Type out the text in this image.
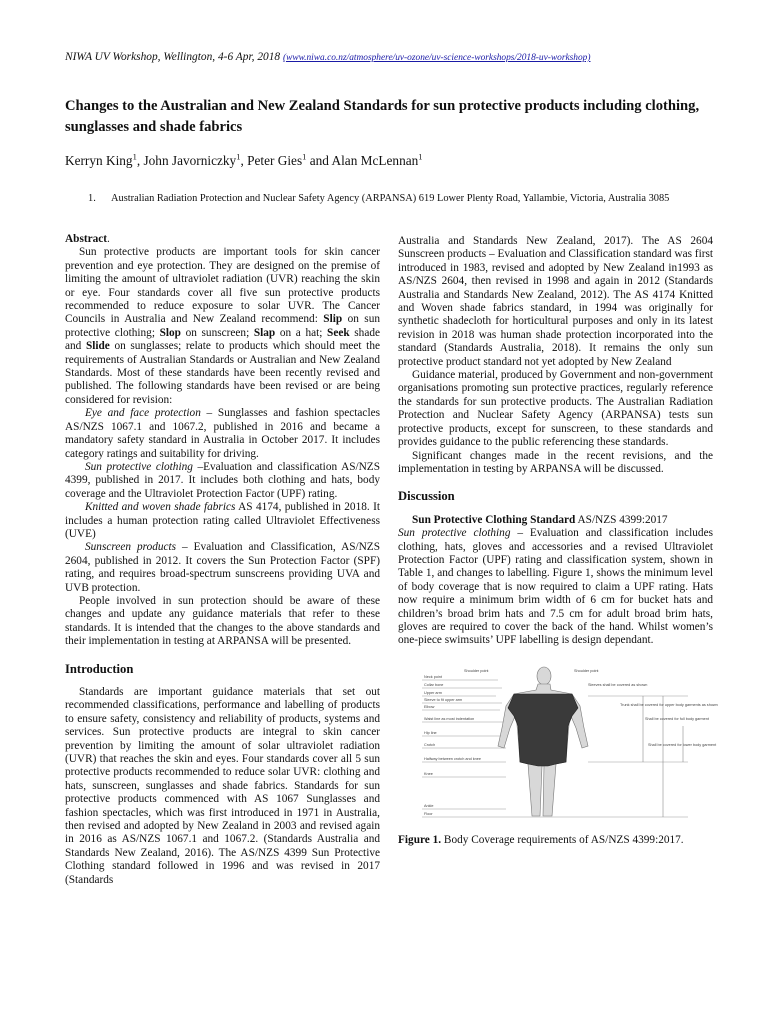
NIWA UV Workshop, Wellington, 4-6 Apr, 2018 (www.niwa.co.nz/atmosphere/uv-ozone/uv-science-workshops/2018-uv-workshop)
Changes to the Australian and New Zealand Standards for sun protective products including clothing, sunglasses and shade fabrics
Kerryn King$^1$, John Javorniczky$^1$, Peter Gies$^1$ and Alan McLennan$^1$
1. Australian Radiation Protection and Nuclear Safety Agency (ARPANSA) 619 Lower Plenty Road, Yallambie, Victoria, Australia 3085

Abstract.

Sun protective products are important tools for skin cancer prevention and eye protection. They are designed on the premise of limiting the amount of ultraviolet radiation (UVR) reaching the skin or eye. Four standards cover all five sun protective products recommended to reduce exposure to solar UVR. The Cancer Councils in Australia and New Zealand recommend: Slip on sun protective clothing; Slop on sunscreen; Slap on a hat; Seek shade and Slide on sunglasses; relate to products which should meet the requirements of Australian Standards or Australian and New Zealand Standards. Most of these standards have been recently revised and published. The following standards have been revised or are being considered for revision:

Eye and face protection – Sunglasses and fashion spectacles AS/NZS 1067.1 and 1067.2, published in 2016 and became a mandatory safety standard in Australia in October 2017. It includes category ratings and suitability for driving.

Sun protective clothing –Evaluation and classification AS/NZS 4399, published in 2017. It includes both clothing and hats, body coverage and the Ultraviolet Protection Factor (UPF) rating.

Knitted and woven shade fabrics AS 4174, published in 2018. It includes a human protection rating called Ultraviolet Effectiveness (UVE)

Sunscreen products – Evaluation and Classification, AS/NZS 2604, published in 2012. It covers the Sun Protection Factor (SPF) rating, and requires broad-spectrum sunscreens providing UVA and UVB protection.

People involved in sun protection should be aware of these changes and update any guidance materials that refer to these standards. It is intended that the changes to the above standards and their implementation in testing at ARPANSA will be presented.

Introduction

Standards are important guidance materials that set out recommended classifications, performance and labelling of products to ensure safety, consistency and reliability of products, systems and services. Sun protective products are integral to skin cancer prevention by limiting the amount of solar ultraviolet radiation (UVR) that reaches the skin and eyes. Four standards cover all 5 sun protective products recommended to reduce solar UVR: clothing and hats, sunscreen, sunglasses and shade fabrics. Standards for sun protective products commenced with AS 1067 Sunglasses and fashion spectacles, which was first introduced in 1971 in Australia, then revised and adopted by New Zealand in 2003 and revised again in 2016 as AS/NZS 1067.1 and 1067.2. (Standards Australia and Standards New Zealand, 2016). The AS/NZS 4399 Sun Protective Clothing standard followed in 1996 and was revised in 2017 (Standards

Australia and Standards New Zealand, 2017). The AS 2604 Sunscreen products – Evaluation and Classification standard was first introduced in 1983, revised and adopted by New Zealand in1993 as AS/NZS 2604, then revised in 1998 and again in 2012 (Standards Australia and Standards New Zealand, 2012). The AS 4174 Knitted and Woven shade fabrics standard, in 1994 was originally for synthetic shadecloth for horticultural purposes and only in its latest revision in 2018 was human shade protection incorporated into the standard (Standards Australia, 2018). It remains the only sun protective product standard not yet adopted by New Zealand

Guidance material, produced by Government and non-government organisations promoting sun protective practices, regularly reference the standards for sun protective products. The Australian Radiation Protection and Nuclear Safety Agency (ARPANSA) tests sun protective products, except for sunscreen, to these standards and provides guidance to the public referencing these standards.

Significant changes made in the recent revisions, and the implementation in testing by ARPANSA will be discussed.

Discussion

Sun Protective Clothing Standard AS/NZS 4399:2017

Sun protective clothing – Evaluation and classification includes clothing, hats, gloves and accessories and a revised Ultraviolet Protection Factor (UPF) rating and classification system, shown in Table 1, and changes to labelling. Figure 1, shows the minimum level of body coverage that is now required to claim a UPF rating. Hats now require a minimum brim width of 6 cm for bucket hats and children’s broad brim hats and 7.5 cm for adult broad brim hats, gloves are required to cover the back of the hand. Whilst women’s one-piece swimsuits’ UPF labelling is design dependant.

Neck point
Collar bone
Upper arm
Sleeve to fit upper arm
Elbow
Waist line as most indentation
Hip line
Crotch
Halfway between crotch and knee
Knee
Ankle
Floor
Shoulder point	Shoulder point
Sleeves shall be covered as shown
Trunk shall be covered for upper body garments as shown
Shall be covered for full body garment
Shall be covered for lower body garment
Figure 1. Body Coverage requirements of AS/NZS 4399:2017.
